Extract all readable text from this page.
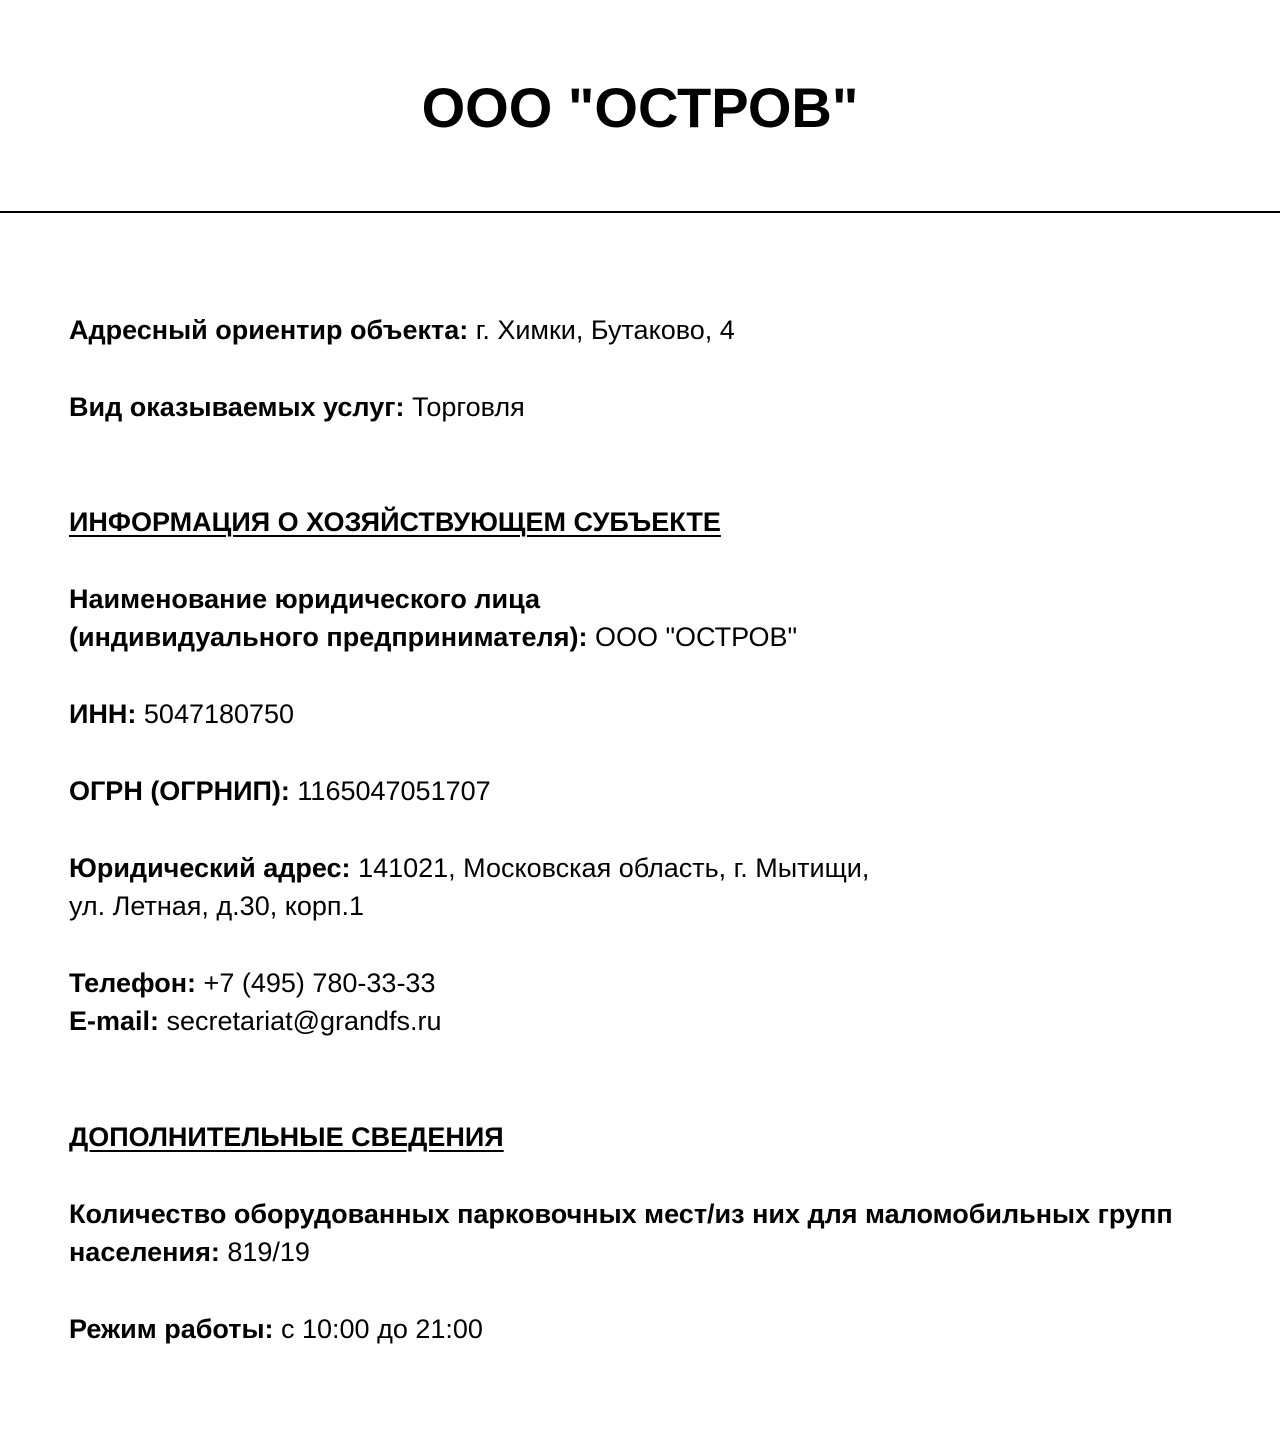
ООО "ОСТРОВ"

Адресный ориентир объекта: г. Химки, Бутаково, 4

Вид оказываемых услуг: Торговля

ИНФОРМАЦИЯ О ХОЗЯЙСТВУЮЩЕМ СУБЪЕКТЕ

Наименование юридического лица

(индивидуального предпринимателя): ООО "ОСТРОВ"

ИНН: 5047180750

ОГРН (ОГРНИП): 1165047051707

Юридический адрес: 141021, Московская область, г. Мытищи,

ул. Летная, д.30, корп.1

Телефон: +7 (495) 780-33-33

E-mail: secretariat@grandfs.ru

ДОПОЛНИТЕЛЬНЫЕ СВЕДЕНИЯ

Количество оборудованных парковочных мест/из них для маломобильных групп

населения: 819/19

Режим работы: с 10:00 до 21:00
